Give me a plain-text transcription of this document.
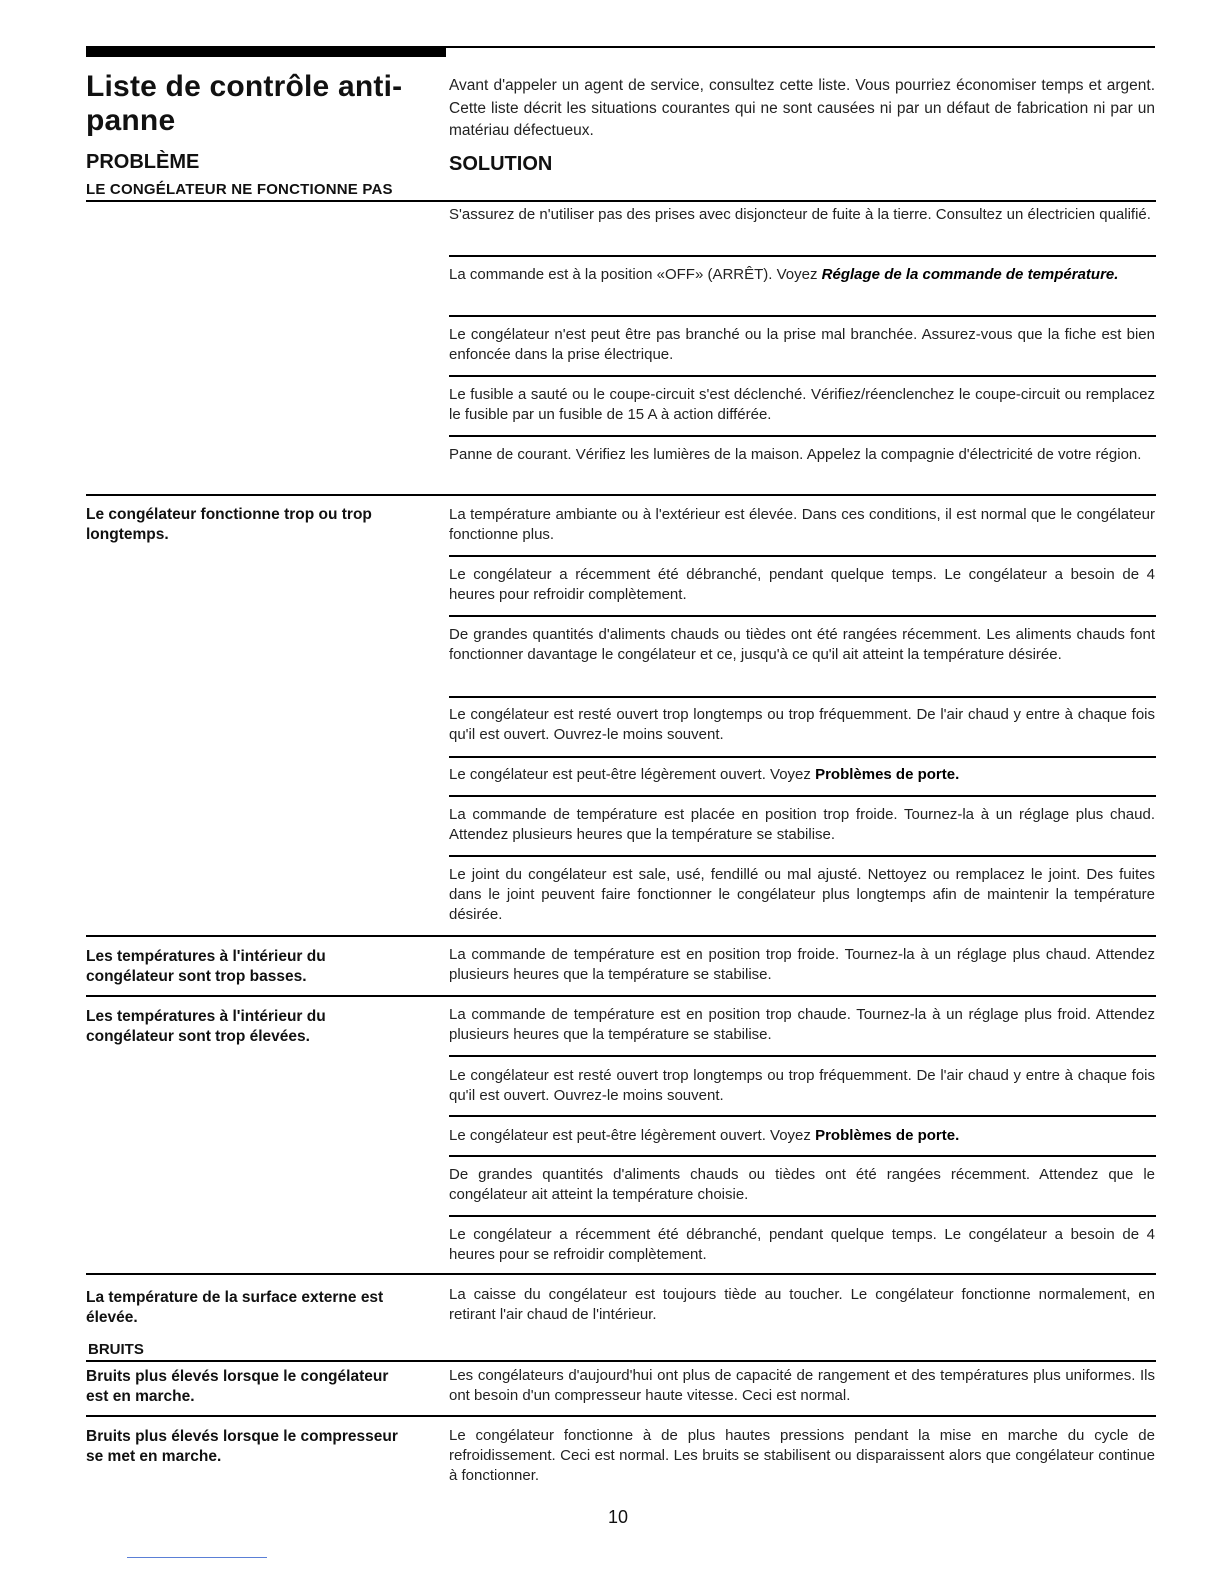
Liste de contrôle anti-panne

Avant d'appeler un agent de service, consultez cette liste. Vous pourriez économiser temps et argent. Cette liste décrit les situations courantes qui ne sont causées ni par un défaut de fabrication ni par un matériau défectueux.

PROBLÈME	SOLUTION
LE CONGÉLATEUR NE FONCTIONNE PAS

Le congélateur fonctionne trop ou trop longtemps.

Les températures à l'intérieur du congélateur sont trop basses.

Les températures à l'intérieur du congélateur sont trop élevées.

La température de la surface externe est élevée.

BRUITS

Bruits plus élevés lorsque le congélateur est en marche.

Bruits plus élevés lorsque le compresseur se met en marche.

S'assurez de n'utiliser pas des prises avec disjoncteur de fuite à la tierre. Consultez un électricien qualifié.

La commande est à la position «OFF» (ARRÊT). Voyez Réglage de la commande de température.

Le congélateur n'est peut être pas branché ou la prise mal branchée. Assurez-vous que la fiche est bien enfoncée dans la prise électrique.

Le fusible a sauté ou le coupe-circuit s'est déclenché. Vérifiez/réenclenchez le coupe-circuit ou remplacez le fusible par un fusible de 15 A à action différée.

Panne de courant. Vérifiez les lumières de la maison. Appelez la compagnie d'électricité de votre région.

La température ambiante ou à l'extérieur est élevée. Dans ces conditions, il est normal que le congélateur fonctionne plus.

Le congélateur a récemment été débranché, pendant quelque temps. Le congélateur a besoin de 4 heures pour refroidir complètement.

De grandes quantités d'aliments chauds ou tièdes ont été rangées récemment. Les aliments chauds font fonctionner davantage le congélateur et ce, jusqu'à ce qu'il ait atteint la température désirée.

Le congélateur est resté ouvert trop longtemps ou trop fréquemment. De l'air chaud y entre à chaque fois qu'il est ouvert. Ouvrez-le moins souvent.

Le congélateur est peut-être légèrement ouvert. Voyez Problèmes de porte.

La commande de température est placée en position trop froide. Tournez-la à un réglage plus chaud. Attendez plusieurs heures que la température se stabilise.

Le joint du congélateur est sale, usé, fendillé ou mal ajusté. Nettoyez ou remplacez le joint. Des fuites dans le joint peuvent faire fonctionner le congélateur plus longtemps afin de maintenir la température désirée.

La commande de température est en position trop froide. Tournez-la à un réglage plus chaud. Attendez plusieurs heures que la température se stabilise.

La commande de température est en position trop chaude. Tournez-la à un réglage plus froid. Attendez plusieurs heures que la température se stabilise.

Le congélateur est resté ouvert trop longtemps ou trop fréquemment. De l'air chaud y entre à chaque fois qu'il est ouvert. Ouvrez-le moins souvent.

Le congélateur est peut-être légèrement ouvert. Voyez Problèmes de porte.

De grandes quantités d'aliments chauds ou tièdes ont été rangées récemment. Attendez que le congélateur ait atteint la température choisie.

Le congélateur a récemment été débranché, pendant quelque temps. Le congélateur a besoin de 4 heures pour se refroidir complètement.

La caisse du congélateur est toujours tiède au toucher. Le congélateur fonctionne normalement, en retirant l'air chaud de l'intérieur.

Les congélateurs d'aujourd'hui ont plus de capacité de rangement et des températures plus uniformes. Ils ont besoin d'un compresseur haute vitesse. Ceci est normal.

Le congélateur fonctionne à de plus hautes pressions pendant la mise en marche du cycle de refroidissement. Ceci est normal. Les bruits se stabilisent ou disparaissent alors que congélateur continue à fonctionner.

10
